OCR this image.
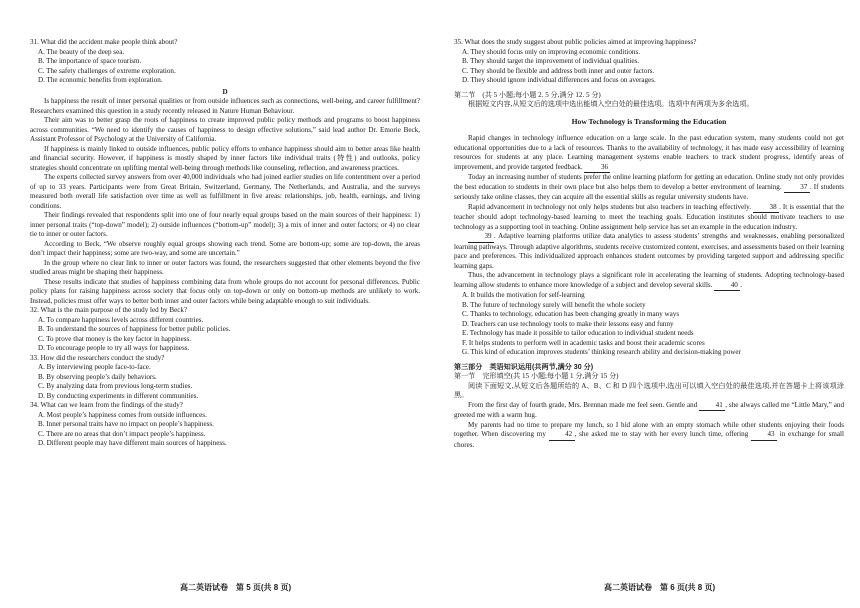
31. What did the accident make people think about?

A. The beauty of the deep sea.

B. The importance of space tourism.

C. The safety challenges of extreme exploration.

D. The economic benefits from exploration.

D

Is happiness the result of inner personal qualities or from outside influences such as connections, well-being, and career fulfillment? Researchers examined this question in a study recently released in Nature Human Behaviour.

Their aim was to better grasp the roots of happiness to create improved public policy methods and programs to boost happiness across communities. “We need to identify the causes of happiness to design effective solutions,” said lead author Dr. Emorie Beck, Assistant Professor of Psychology at the University of California.

If happiness is mainly linked to outside influences, public policy efforts to enhance happiness should aim to better areas like health and financial security. However, if happiness is mostly shaped by inner factors like individual traits (特性) and outlooks, policy strategies should concentrate on uplifting mental well-being through methods like counseling, reflection, and awareness practices.

The experts collected survey answers from over 40,000 individuals who had joined earlier studies on life contentment over a period of up to 33 years. Participants were from Great Britain, Switzerland, Germany, The Netherlands, and Australia, and the surveys measured both overall life satisfaction over time as well as fulfillment in five areas: relationships, job, health, earnings, and living conditions.

Their findings revealed that respondents split into one of four nearly equal groups based on the main sources of their happiness: 1) inner personal traits (“top-down” model); 2) outside influences (“bottom-up” model); 3) a mix of inner and outer factors; or 4) no clear tie to inner or outer factors.

According to Beck, “We observe roughly equal groups showing each trend. Some are bottom-up; some are top-down, the areas don’t impact their happiness; some are two-way, and some are uncertain.”

In the group where no clear link to inner or outer factors was found, the researchers suggested that other elements beyond the five studied areas might be shaping their happiness.

These results indicate that studies of happiness combining data from whole groups do not account for personal differences. Public policy plans for raising happiness across society that focus only on top-down or only on bottom-up methods are unlikely to work. Instead, policies must offer ways to better both inner and outer factors while being adaptable enough to suit individuals.

32. What is the main purpose of the study led by Beck?

A. To compare happiness levels across different countries.

B. To understand the sources of happiness for better public policies.

C. To prove that money is the key factor in happiness.

D. To encourage people to try all ways for happiness.

33. How did the researchers conduct the study?

A. By interviewing people face-to-face.

B. By observing people’s daily behaviors.

C. By analyzing data from previous long-term studies.

D. By conducting experiments in different communities.

34. What can we learn from the findings of the study?

A. Most people’s happiness comes from outside influences.

B. Inner personal traits have no impact on people’s happiness.

C. There are no areas that don’t impact people’s happiness.

D. Different people may have different main sources of happiness.

35. What does the study suggest about public policies aimed at improving happiness?

A. They should focus only on improving economic conditions.

B. They should target the improvement of individual qualities.

C. They should be flexible and address both inner and outer factors.

D. They should ignore individual differences and focus on averages.

第二节　(共 5 小题;每小题 2. 5 分,满分 12. 5 分)

根据短文内容,从短文后的选项中选出能填入空白处的最佳选项。选项中有两项为多余选项。

How Technology is Transforming the Education

Rapid changes in technology influence education on a large scale. In the past education system, many students could not get educational opportunities due to a lack of resources. Thanks to the availability of technology, it has made easy accessibility of learning resources for students at any place. Learning management systems enable teachers to track student progress, identify areas of improvement, and provide targeted feedback.	36

Today an increasing number of students prefer the online learning platform for getting an education. Online study not only provides the best education to students in their own place but also helps them to develop a better environment of learning.	37 . If students seriously take online classes, they can acquire all the essential skills as regular university students have.

Rapid advancement in technology not only helps students but also teachers in teaching effectively.	38 . It is essential that the teacher should adopt technology-based learning to meet the teaching goals. Education institutes should motivate teachers to use technology as a supporting tool in teaching. Online assignment help service has set an example in the education industry.

39 . Adaptive learning platforms utilize data analytics to assess students’ strengths and weaknesses, enabling personalized learning pathways. Through adaptive algorithms, students receive customized content, exercises, and assessments based on their learning pace and preferences. This individualized approach enhances student outcomes by providing targeted support and addressing specific learning gaps.

Thus, the advancement in technology plays a significant role in accelerating the learning of students. Adopting technology-based learning allow students to enhance more knowledge of a subject and develop several skills.	40 .

A. It builds the motivation for self-learning

B. The future of technology surely will benefit the whole society

C. Thanks to technology, education has been changing greatly in many ways

D. Teachers can use technology tools to make their lessons easy and funny

E. Technology has made it possible to tailor education to individual student needs

F. It helps students to perform well in academic tasks and boost their academic scores

G. This kind of education improves students’ thinking research ability and decision-making power

第三部分　英语知识运用(共两节,满分 30 分)

第一节　完形填空(共 15 小题;每小题 1 分,满分 15 分)

阅读下面短文,从短文后各题所给的 A、B、C 和 D 四个选项中,选出可以填入空白处的最佳选项,并在答题卡上将该项涂黑。

From the first day of fourth grade, Mrs. Brennan made me feel seen. Gentle and	41 , she always called me “Little Mary,” and greeted me with a warm hug.

My parents had no time to prepare my lunch, so I hid alone with an empty stomach while other students enjoying their foods together. When discovering my	42 , she asked me to stay with her every lunch time, offering	43 in exchange for small chores.

高二英语试卷　第 5 页(共 8 页)	高二英语试卷　第 6 页(共 8 页)
